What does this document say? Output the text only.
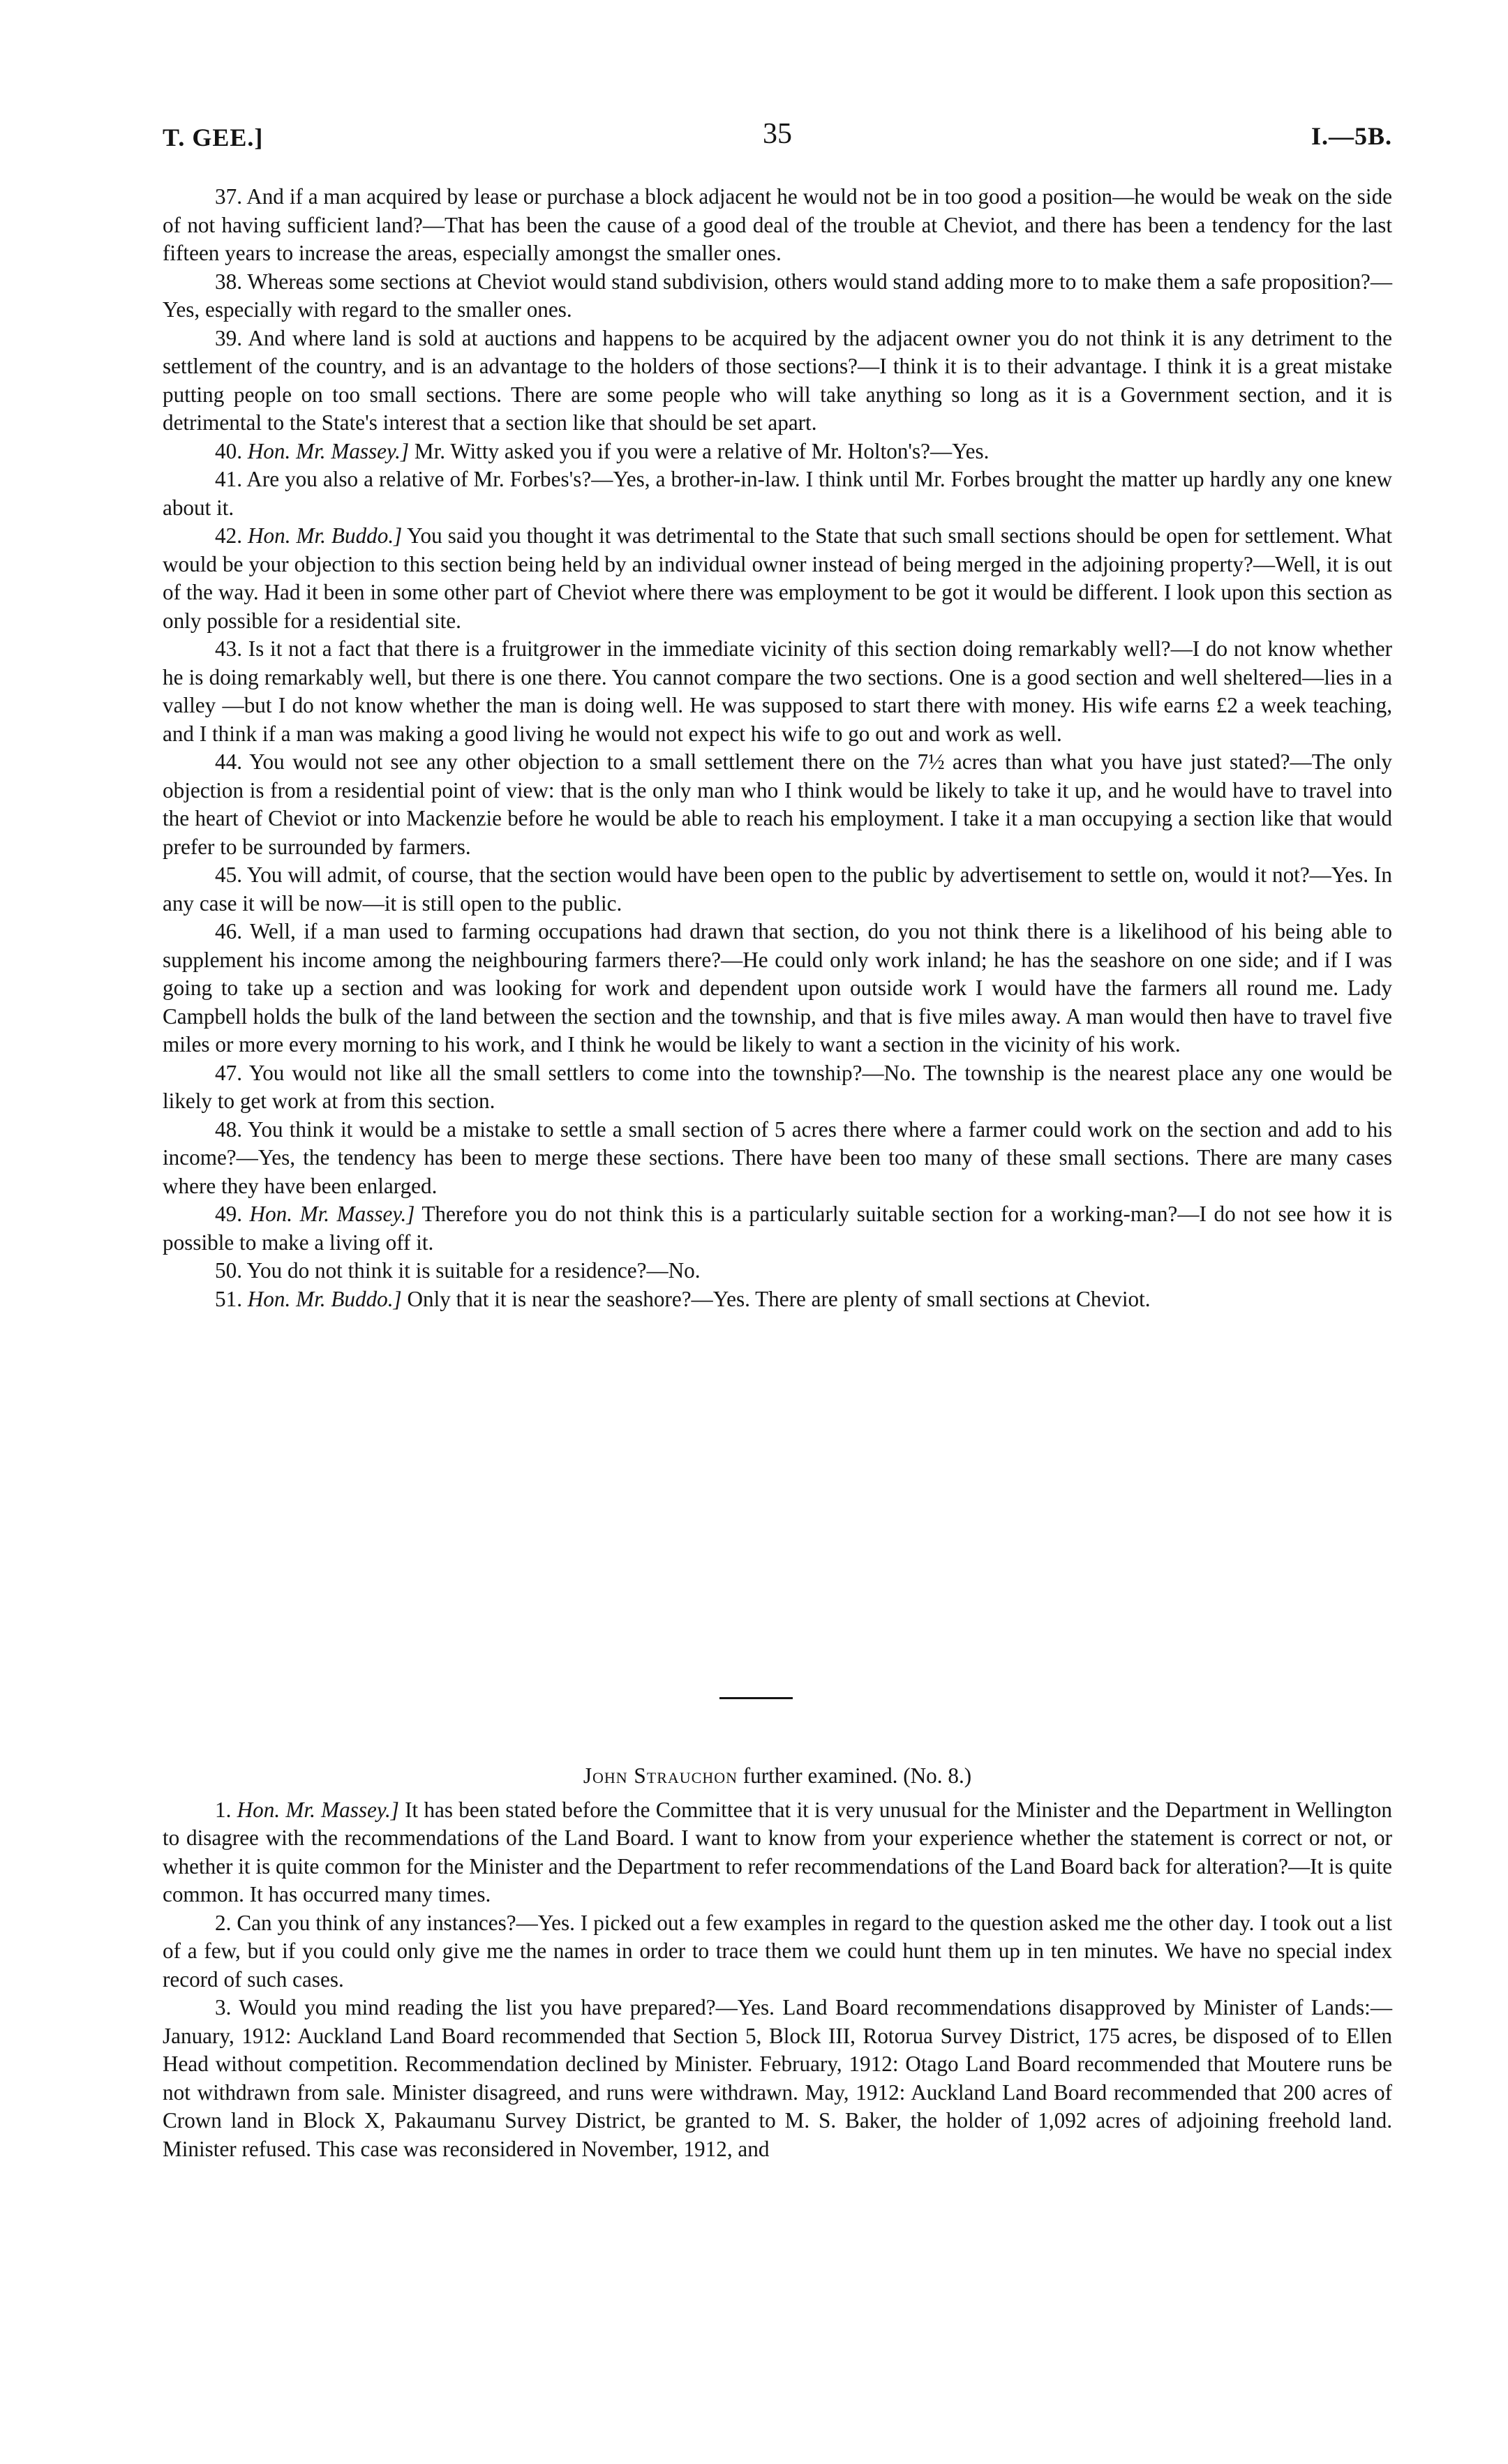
T. GEE.]	35	I.—5B.

37. And if a man acquired by lease or purchase a block adjacent he would not be in too good a position—he would be weak on the side of not having sufficient land?—That has been the cause of a good deal of the trouble at Cheviot, and there has been a tendency for the last fifteen years to increase the areas, especially amongst the smaller ones.

38. Whereas some sections at Cheviot would stand subdivision, others would stand adding more to to make them a safe proposition?—Yes, especially with regard to the smaller ones.

39. And where land is sold at auctions and happens to be acquired by the adjacent owner you do not think it is any detriment to the settlement of the country, and is an advantage to the holders of those sections?—I think it is to their advantage. I think it is a great mistake putting people on too small sections. There are some people who will take anything so long as it is a Government section, and it is detrimental to the State's interest that a section like that should be set apart.

40. Hon. Mr. Massey.] Mr. Witty asked you if you were a relative of Mr. Holton's?—Yes.

41. Are you also a relative of Mr. Forbes's?—Yes, a brother-in-law. I think until Mr. Forbes brought the matter up hardly any one knew about it.

42. Hon. Mr. Buddo.] You said you thought it was detrimental to the State that such small sections should be open for settlement. What would be your objection to this section being held by an individual owner instead of being merged in the adjoining property?—Well, it is out of the way. Had it been in some other part of Cheviot where there was employment to be got it would be different. I look upon this section as only possible for a residential site.

43. Is it not a fact that there is a fruitgrower in the immediate vicinity of this section doing remarkably well?—I do not know whether he is doing remarkably well, but there is one there. You cannot compare the two sections. One is a good section and well sheltered—lies in a valley —but I do not know whether the man is doing well. He was supposed to start there with money. His wife earns £2 a week teaching, and I think if a man was making a good living he would not expect his wife to go out and work as well.

44. You would not see any other objection to a small settlement there on the 7½ acres than what you have just stated?—The only objection is from a residential point of view: that is the only man who I think would be likely to take it up, and he would have to travel into the heart of Cheviot or into Mackenzie before he would be able to reach his employment. I take it a man occupying a section like that would prefer to be surrounded by farmers.

45. You will admit, of course, that the section would have been open to the public by advertisement to settle on, would it not?—Yes. In any case it will be now—it is still open to the public.

46. Well, if a man used to farming occupations had drawn that section, do you not think there is a likelihood of his being able to supplement his income among the neighbouring farmers there?—He could only work inland; he has the seashore on one side; and if I was going to take up a section and was looking for work and dependent upon outside work I would have the farmers all round me. Lady Campbell holds the bulk of the land between the section and the township, and that is five miles away. A man would then have to travel five miles or more every morning to his work, and I think he would be likely to want a section in the vicinity of his work.

47. You would not like all the small settlers to come into the township?—No. The township is the nearest place any one would be likely to get work at from this section.

48. You think it would be a mistake to settle a small section of 5 acres there where a farmer could work on the section and add to his income?—Yes, the tendency has been to merge these sections. There have been too many of these small sections. There are many cases where they have been enlarged.

49. Hon. Mr. Massey.] Therefore you do not think this is a particularly suitable section for a working-man?—I do not see how it is possible to make a living off it.

50. You do not think it is suitable for a residence?—No.

51. Hon. Mr. Buddo.] Only that it is near the seashore?—Yes. There are plenty of small sections at Cheviot.

John Strauchon further examined. (No. 8.)

1. Hon. Mr. Massey.] It has been stated before the Committee that it is very unusual for the Minister and the Department in Wellington to disagree with the recommendations of the Land Board. I want to know from your experience whether the statement is correct or not, or whether it is quite common for the Minister and the Department to refer recommendations of the Land Board back for alteration?—It is quite common. It has occurred many times.

2. Can you think of any instances?—Yes. I picked out a few examples in regard to the question asked me the other day. I took out a list of a few, but if you could only give me the names in order to trace them we could hunt them up in ten minutes. We have no special index record of such cases.

3. Would you mind reading the list you have prepared?—Yes. Land Board recommendations disapproved by Minister of Lands:—January, 1912: Auckland Land Board recommended that Section 5, Block III, Rotorua Survey District, 175 acres, be disposed of to Ellen Head without competition. Recommendation declined by Minister. February, 1912: Otago Land Board recommended that Moutere runs be not withdrawn from sale. Minister disagreed, and runs were withdrawn. May, 1912: Auckland Land Board recommended that 200 acres of Crown land in Block X, Pakaumanu Survey District, be granted to M. S. Baker, the holder of 1,092 acres of adjoining freehold land. Minister refused. This case was reconsidered in November, 1912, and
